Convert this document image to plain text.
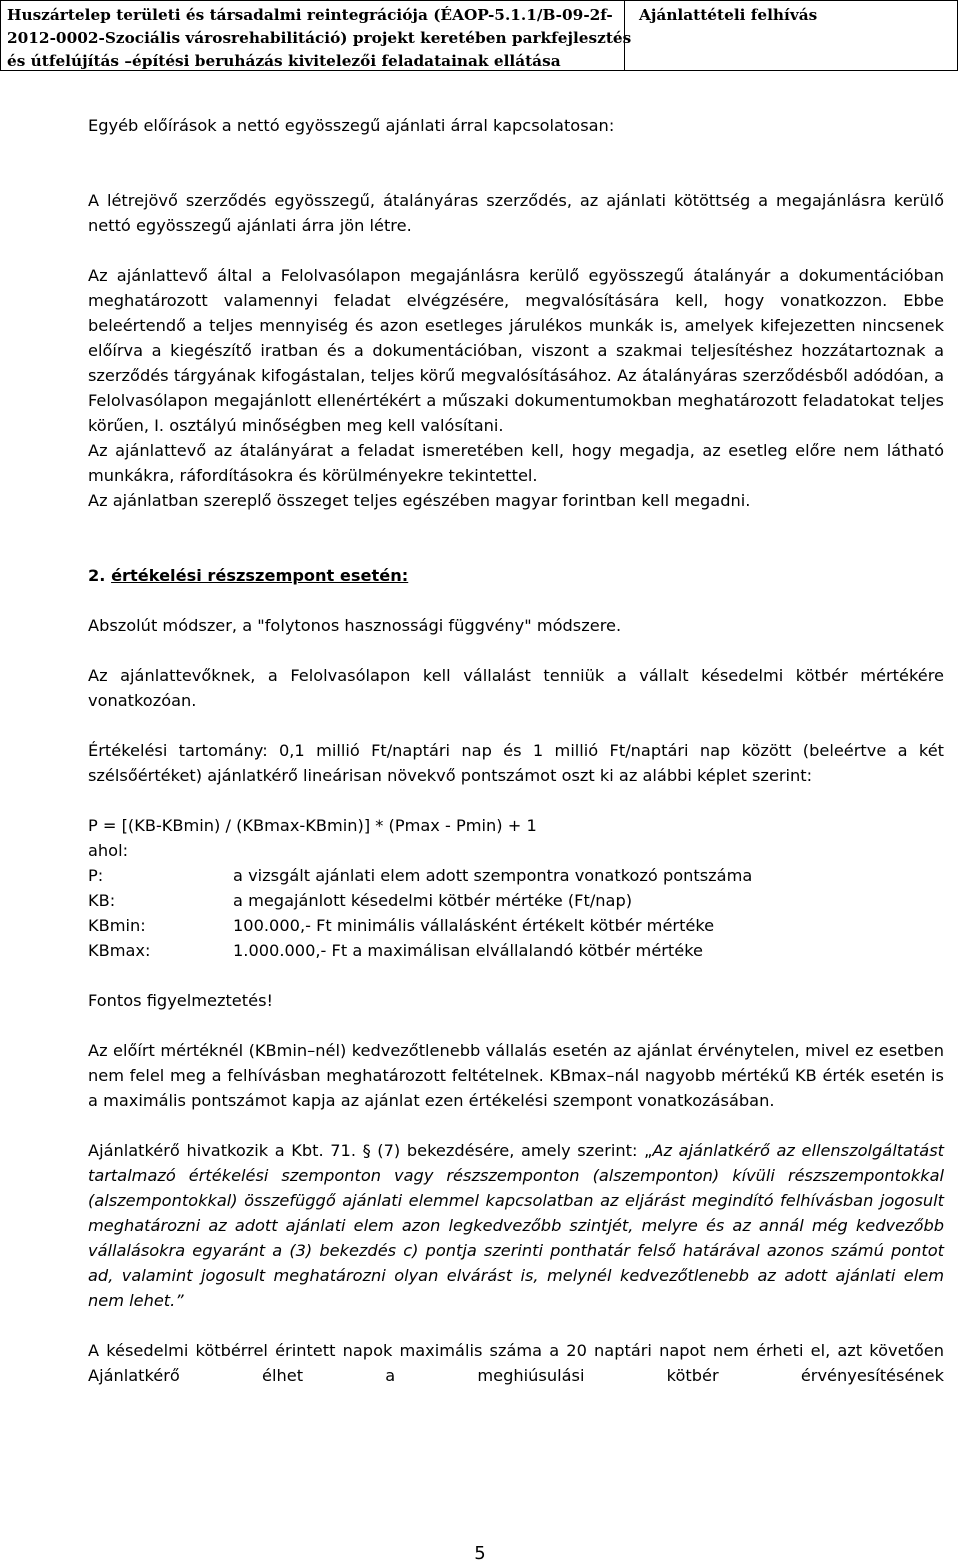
Huszártelep területi és társadalmi reintegrációja (ÉAOP-5.1.1/B-09-2f-
2012-0002-Szociális városrehabilitáció) projekt keretében parkfejlesztés
és útfelújítás –építési beruházás kivitelezői feladatainak ellátása
Ajánlattételi felhívás

Egyéb előírások a nettó egyösszegű ajánlati árral kapcsolatosan:

A létrejövő szerződés egyösszegű, átalányáras szerződés, az ajánlati kötöttség a megajánlásra kerülő nettó egyösszegű ajánlati árra jön létre.

Az ajánlattevő által a Felolvasólapon megajánlásra kerülő egyösszegű átalányár a dokumentációban meghatározott valamennyi feladat elvégzésére, megvalósítására kell, hogy vonatkozzon. Ebbe beleértendő a teljes mennyiség és azon esetleges járulékos munkák is, amelyek kifejezetten nincsenek előírva a kiegészítő iratban és a dokumentációban, viszont a szakmai teljesítéshez hozzátartoznak a szerződés tárgyának kifogástalan, teljes körű megvalósításához. Az átalányáras szerződésből adódóan, a Felolvasólapon megajánlott ellenértékért a műszaki dokumentumokban meghatározott feladatokat teljes körűen, I. osztályú minőségben meg kell valósítani.

Az ajánlattevő az átalányárat a feladat ismeretében kell, hogy megadja, az esetleg előre nem látható munkákra, ráfordításokra és körülményekre tekintettel.

Az ajánlatban szereplő összeget teljes egészében magyar forintban kell megadni.

2. értékelési részszempont esetén:

Abszolút módszer, a "folytonos hasznossági függvény" módszere.

Az ajánlattevőknek, a Felolvasólapon kell vállalást tenniük a vállalt késedelmi kötbér mértékére vonatkozóan.

Értékelési tartomány: 0,1 millió Ft/naptári nap és 1 millió Ft/naptári nap között (beleértve a két szélsőértéket) ajánlatkérő lineárisan növekvő pontszámot oszt ki az alábbi képlet szerint:

P = [(KB-KBmin) / (KBmax-KBmin)] * (Pmax - Pmin) + 1

ahol:

P:	a vizsgált ajánlati elem adott szempontra vonatkozó pontszáma
KB:	a megajánlott késedelmi kötbér mértéke (Ft/nap)
KBmin:	100.000,- Ft minimális vállalásként értékelt kötbér mértéke
KBmax:	1.000.000,- Ft a maximálisan elvállalandó kötbér mértéke

Fontos figyelmeztetés!

Az előírt mértéknél (KBmin–nél) kedvezőtlenebb vállalás esetén az ajánlat érvénytelen, mivel ez esetben nem felel meg a felhívásban meghatározott feltételnek. KBmax–nál nagyobb mértékű KB érték esetén is a maximális pontszámot kapja az ajánlat ezen értékelési szempont vonatkozásában.

Ajánlatkérő hivatkozik a Kbt. 71. § (7) bekezdésére, amely szerint: „Az ajánlatkérő az ellenszolgáltatást tartalmazó értékelési szemponton vagy részszemponton (alszemponton) kívüli részszempontokkal (alszempontokkal) összefüggő ajánlati elemmel kapcsolatban az eljárást megindító felhívásban jogosult meghatározni az adott ajánlati elem azon legkedvezőbb szintjét, melyre és az annál még kedvezőbb vállalásokra egyaránt a (3) bekezdés c) pontja szerinti ponthatár felső határával azonos számú pontot ad, valamint jogosult meghatározni olyan elvárást is, melynél kedvezőtlenebb az adott ajánlati elem nem lehet.”

A késedelmi kötbérrel érintett napok maximális száma a 20 naptári napot nem érheti el, azt követően Ajánlatkérő élhet a meghiúsulási kötbér érvényesítésének

5
